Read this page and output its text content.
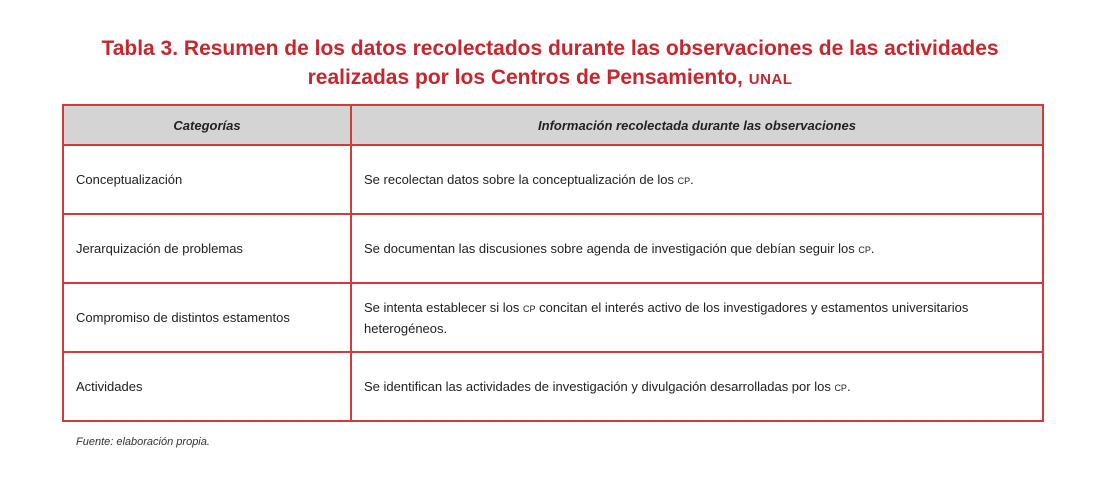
Tabla 3. Resumen de los datos recolectados durante las observaciones de las actividades
realizadas por los Centros de Pensamiento, unal
Categorías	Información recolectada durante las observaciones
Conceptualización	Se recolectan datos sobre la conceptualización de los cp.
Jerarquización de problemas	Se documentan las discusiones sobre agenda de investigación que debían seguir los cp.
Compromiso de distintos estamentos	Se intenta establecer si los cp concitan el interés activo de los investigadores y estamentos universitarios
heterogéneos.

Actividades	Se identifican las actividades de investigación y divulgación desarrolladas por los cp.
Fuente: elaboración propia.
